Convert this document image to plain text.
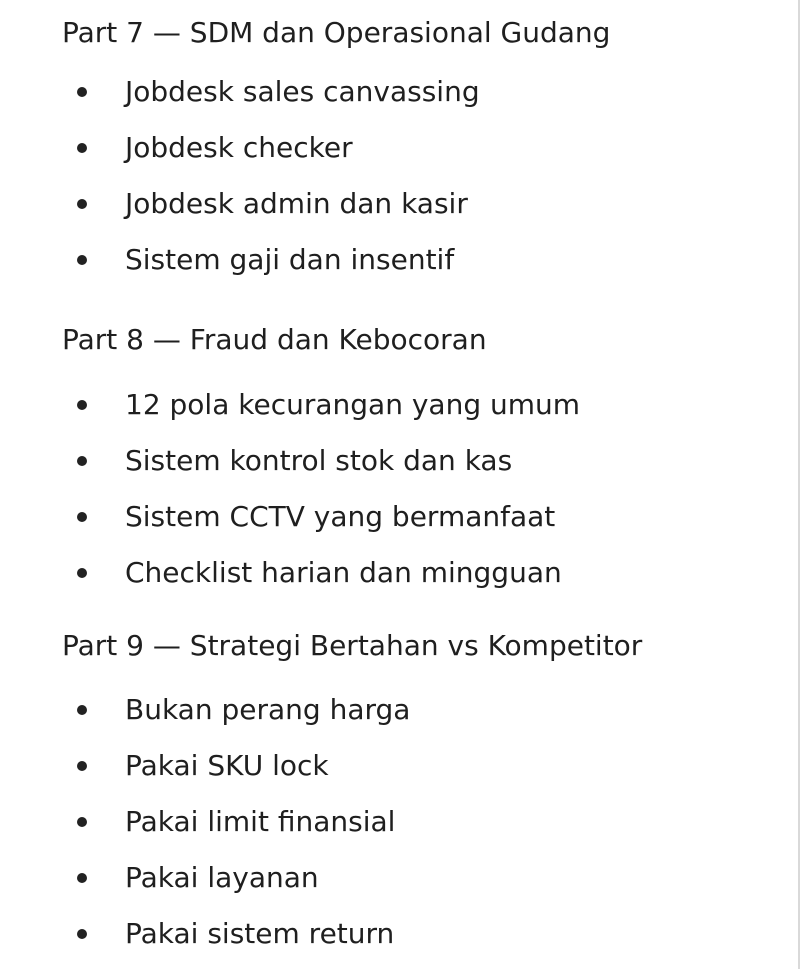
Part 7 — SDM dan Operasional Gudang
Jobdesk sales canvassing
Jobdesk checker
Jobdesk admin dan kasir
Sistem gaji dan insentif
Part 8 — Fraud dan Kebocoran
12 pola kecurangan yang umum
Sistem kontrol stok dan kas
Sistem CCTV yang bermanfaat
Checklist harian dan mingguan
Part 9 — Strategi Bertahan vs Kompetitor
Bukan perang harga
Pakai SKU lock
Pakai limit finansial
Pakai layanan
Pakai sistem return
